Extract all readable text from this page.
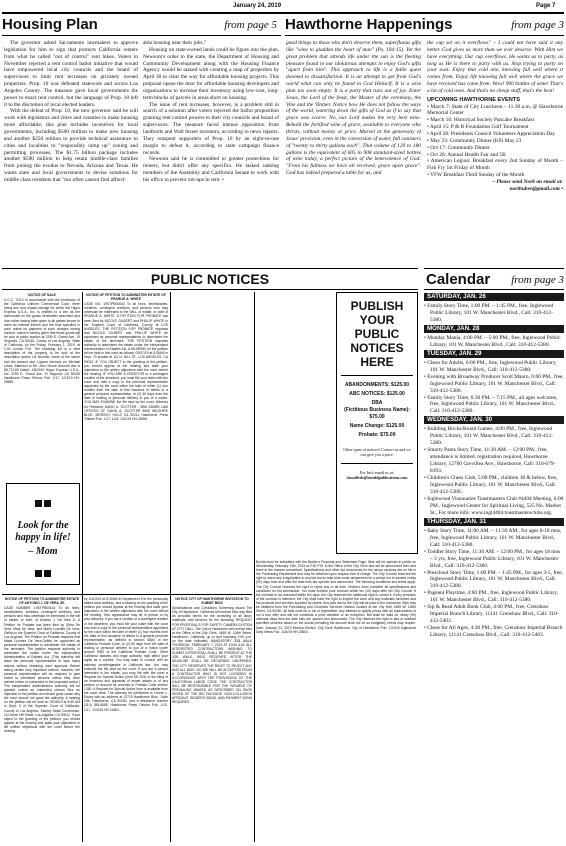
January 24, 2019	Page 7
Housing Plan	from page 5 Hawthorne Happenings	from page 3

The governor asked Sacramento lawmakers to approve legislation for him to sign that protects California renters from what he called "out of control" rent hikes. Voters in November rejected a rent control ballot initiative that would have empowered local city councils and the board of supervisors to limit rent increases on privately owned properties. Prop. 10 was defeated statewide and across Los Angeles County. The measure gave local governments the power to enact rent control, but the language of Prop. 10 left it to the discretion of local elected leaders.

With the defeat of Prop. 10, the new governor said he will work with legislators and cities and counties to make housing more affordable; this plan includes incentives for local governments, including $500 million to make new housing and another $250 million to provide technical assistance to cities and localities to "responsibly ramp up" zoning and permitting processes. The $1.75 billion package includes another $500 million to help retain middle-class families from joining the exodus to Nevada, Arizona and Texas. He wants state and local governments to devise solutions for middle class residents that "too often cannot find afford-

able housing near their jobs."

Housing on state-owned lands could be figure into the plan. Newsom's order to the state, the Department of Housing and Community Development along with the Housing Finance Agency would be tasked with creating a map of properties by April 30 to clear the way for affordable housing projects. This proposal opens the door for affordable housing developers and organizations to increase their inventory using low-cost, long-term blocks of parcels in areas short on housing.

The issue of rent increases, however, is a problem still in search of a solution after voters rejected the ballot proposition granting rent control powers to their city councils and board of supervisors. The measure faced intense opposition from landlords and Wall Street investors, according to news reports. They outspent supporters of Prop. 10 by an eight-to-one margin to defeat it, according to state campaign finance records.

Newsom said he is committed to greater protections for renters, but didn't offer any specifics. He tasked ranking members of the Assembly and California Senate to work with his office to prevent run-ups in rent. •

good things to those who don't deserve them, superfluous gifts like "wine to gladden the heart of man" (Ps. 104:15). Yet the great problem that attends life under the sun is the fleeting pleasure found in our idolatrous attempts to enjoy God's gifts "apart from him". This approach to life is a futile quest doomed to dissatisfaction. It is an attempt to get from God's world what can only be found in God Himself. It is a wise plan too soon empty. It is a party that runs out of joy. Enter Jesus, the Lord of the feast, the Master of the ceremony, the Vine and the Vintner. Notice how He does not follow the ways of the world, watering down the gifts of God as if to say that grace was scarce. No, our Lord makes the very best wine. Behold the fortified wine of grace, available to everyone who thirsts, without money or price. Marvel at the generosity of Jesus' provision, even in the conversion of water, full canisters of "twenty to thirty gallons each". That volume of 120 to 180 gallons is the equivalent of 605 to 908 standard-sized bottles of wine today, a perfect picture of the benevolence of God: "From his fullness we have all received, grace upon grace". God has indeed prepared a table for us, and

the cup set on it overflows" – I could not have said it any better. God gives us more than we ever deserve. With Him we have everything. Our cup overflows. He wants us to party, as long as He is there to party with us. Stop trying to party on your own. Enjoy that cold one, knowing full well where it comes from. Enjoy life knowing full well where the grace we have received has come from. Wow! 900 bottles of wine! That's a lot of cold ones. And that's no cheap stuff, that's the best!

UPCOMING HAWTHORNE EVENTS

• March 7: State of City Luncheon – 11:30 a.m. @ Hawthorne Memorial Center

• March 16: Historical Society Pancake Breakfast

• April 15: P & R Foundation Golf Tournament

• April 28: Presidents Council Volunteers Appreciation Day

• May 23: Community Dinner (K9) May 23

• Oct 17: Community Dinner

• Oct 26: Annual Health Fair and 5K

• American Legion: Breakfast every 2nd Sunday of Month – Fish Fry 1st Friday of Month

• VFW Breakfast Third Sunday of the Month

– Please send Norb an email at:

northuber@gmail.com •

PUBLIC NOTICES	Calendar from page 3

NOTICE OF SALE

U.C.C. 7/210 In accordance with the provisions of the California Uniform Commercial Code, there being due and unpaid storage for which the Hippo Express U.S.A., Inc. is entitled to a lien as the warehouse on the goods hereinafter described and due notice having been given to all parties known to claim an interest therein and the time specified in such notice for payment of such charges having expired, notice is hereby given that these goods will be sold at public auction at 2250 E. Grand Ave., El Segundo, CA 90245, County of Los Angeles, State of California, on the Friday, February 1, 2019, at 1:00 o'clock P.M. The following list is a brief description of the property to be sold at the description and/or Lot Number, name of the owner and the amount due: Lignum interiors c/o Michael Lewis, Attention to Mr. John Moore Amount due is $8,773.69 Dated: 1/8/2019 Hippo Express U.S.A., Inc. 2250 E. Grand Ave. El Segundo CA 90245 Hawthorne Press Tribune Pub. 1/17, 1/24/19 HH-26586

Look for the happy in life!
– Mom

NOTICE OF PETITION TO ADMINISTER ESTATE OF PEARLIE A. WHITE

CASE NO. 19STPB00064 To all heirs, beneficiaries, creditors, contingent creditors, and persons who may otherwise be interested in the WILL or estate, or both of PEARLIE A. WHITE. A PETITION FOR PROBATE has been filed by NICOLE GILBERT and PHILLIP WHITE in the Superior Court of California, County of LOS ANGELES. THE PETITION FOR PROBATE requests that NICOLE GILBERT and PHILLIP WHITE be appointed as personal representatives to administer the estate of the decedent. THE PETITION requests authority to administer the estate under the Independent Administration of Estates Act. A HEARING on the petition will be held in this court as follows: 02/07/19 at 8:30AM in Dept. 79 located at 111 N. HILL ST., LOS ANGELES, CA 90012. IF YOU OBJECT to the granting of the petition, you should appear at the hearing and state your objections or file written objections with the court before the hearing. IF YOU ARE A CREDITOR or a contingent creditor of the decedent, you must file your claim with the court and mail a copy to the personal representative appointed by the court within the later of either (1) four months from the date of first issuance of letters to a general personal representative, or (2) 60 days from the date of mailing or personal delivery to you of a notice. YOU MAY EXAMINE the file kept by the court. Attorney for Petitioner DAVID A. SCOTTER - SBN 246859 LAW OFFICES OF DAVID A. SCOTTER 8549 WILSHIRE BLVD. BEVERLY HILLS CA 90211 Hawthorne Press Tribune Pub. 1/17, 1/24, 1/31/19 HH-26594

PUBLISH
YOUR
PUBLIC
NOTICES
HERE
ABANDONMENTS: $125.00
ABC NOTICES: $125.00
DBA
(Fictitious Business Name): $75.00
Name Change: $125.00
Probate: $75.00
Other types of notices? Contact us and we can give you a price.
For Info email us at:
classifieds@heraldpublications.com

NOTICE OF PETITION TO ADMINISTER ESTATE OF ANTONIO J. DE VERA JR.

CASE NUMBER 19STPB00144 To all heirs, beneficiaries, creditors, contingent creditors, and persons who may otherwise be interested in the will or estate, or both, of Antonio J. De Vera Jr. A Petition for Probate has been filed by Silvia De Vera, Mark De Vera, and Marla Lourdes De Vera-Gelido in the Superior Court of California, County of Los Angeles. The Petition for Probate requests that Marla Lourdes De Vera-Gelido be appointed as personal representative to administer the estate of the decedent. The petition requests authority to administer the estate under the Independent Administration of Estates Act. (This authority will allow the personal representative to take many actions without obtaining court approval. Before taking certain very important actions, however, the personal representative will be required to give notice to interested persons unless they have waived notice or consented to the proposed action.) The independent administration authority will be granted unless an interested person files an objection to the petition and shows good cause why the court should not grant the authority. A hearing on the petition will be held on 02/08/19 at 8:30 AM in Dept. 5 of the Superior Court of California, County of Los Angeles, Stanley Mosk Courthouse, 111 North Hill Street, Los Angeles, CA 90012. If you object to the granting of the petition, you should appear at the hearing and state your objections or file written objections with the court before the hearing.

by 2/4/2019 at 8:30AM in Department 5 in the personally stated court address, and a hearing on the granting of the petition you should appear at the hearing and state your objections or file written objections with the court before the hearing. Your appearance may be in person or by your attorney. If you are a creditor or a contingent creditor of the decedent, you must file your claim with the court and mail a copy to the personal representative appointed by the court within the later of either (1) four months from the date of first issuance of letters to a general personal representative, as defined in section 58(b) of the California Probate Code, or (2) 60 days from the date of mailing or personal delivery to you of a notice under section 9052 of the California Probate Code. Other California statutes and legal authority may affect your rights as a creditor. You may want to consult with an attorney knowledgeable in California law. You may examine the file kept by the court. If you are a person interested in the estate, you may file with the court a Request for Special Notice (form DE-154) of the filing of an inventory and appraisal of estate assets or of any petition or account as provided in Probate Code section 1250. A Request for Special Notice form is available from the court clerk. The attorney for petitioners is Lennie L. Eddey with an address at 12719 Hawthorne Blvd., Suite 205, Hawthorne, CA 90250, and a telephone number (310) 355-8588. Hawthorne Press Tribune Pub. 1/10, 1/17, 1/24/19 HH-26561

NOTICE CITY OF HAWTHORNE INVITATION TO SUBMIT BIDS

Specifications and Conditions Governing Award The City of Hawthorne, California will receive bids duly filed as provided herein for the furnishing of all labor, materials, and services for the following: REQUEST FOR PROPOSALS FOR SAFETY CAMERA SYSTEM AT CITY HALL. The City of Hawthorne will receive bids at the Office of the City Clerk, 4455 W. 126th Street, Hawthorne, California, up to and including 2:00 p.m. on the date indicated. MANDATORY JOB WALK THURSDAY, FEBRUARY 7, 2019 AT 10:00 A.M. ALL INTERESTED CONTRACTORS WISHING TO SUBMIT A PROPOSAL SHALL BE PRESENT AT THE JOB WALK. BIDS RECEIVED AFTER THE DEADLINE SHALL BE RETURNED UNOPENED. THE CITY RESERVES THE RIGHT TO REJECT ANY AND ALL BIDS. NO BID WILL BE ACCEPTED FROM A CONTRACTOR WHO IS NOT LICENSED IN ACCORDANCE WITH THE PROVISIONS OF THE CALIFORNIA LABOR CODE. THE CONTRACTOR WILL BE RESPONSIBLE FOR THE PAYMENT OF PREVAILING WAGES AS DESCRIBED ON PAGE SEVEN OF THE BID PACKAGE. NON-COLLUSION AFFIDAVIT, BIDDER'S BOND, AND PAYMENT BOND REQUIRED.

Bonds must be submitted with the Bidder's Proposal and Statement Page. Bids will be opened in public on Wednesday, February 13th, 2019 at 2:00 P.M. in the Office of the City Clerk and will be announced then and there in the manner prescribed. Specifications and other bid documents for the above services are on file in the Purchasing Department and may be obtained upon request free of charge. The City Council reserves the right to waive any irregularities in any bid and to take bids under advisement for a period not to exceed ninety (90) days from and after the date bids are opened and announced. The following conditions and terms apply: The City Council reserves the right to reject any or all bids. Vendors must complete all specifications and conditions for bid submission. You must execute your contract within ten (10) days after the City Council. If the contract is not executed within ten days, the City reserves the additional right to cancel it. Every provision of the contract is intended, the City shall have the right to inspect the work and any materials furnished and the products and services supplied by others. Any acts and to the City will be paid to the contractor. Bids may be obtained from the Purchasing and Contracts Services Division located at the City Hall, 4455 W. 126th Street, CA 90250. All bids must be in ink or typewritten. Any attempt to qualify prices with an equivocation is not a true offer and will not constitute a price variation or an exception. Bid shall be valid for ninety (90) calendar days from the date bids are opened and announced. The City reserves the right to add or subtract specified services based on the actual prevailing bid amount shall not be as budgetary needs may require. Date: January 24, 2019 Monica Dicrisci, City Clerk Hawthorne, City of Hawthorne Pub. 1/24/19 Inglewood Daily News Pub. 1/24/19 HH-26604

SATURDAY, JAN. 26

• Family Story Time, 1:00 PM. – 1:45 PM., free, Inglewood Public Library, 101 W. Manchester Blvd., Call: 310-412-5380.

MONDAY, JAN. 28

• Monday Mania, 4:00 PM. – 5:00 PM., free, Inglewood Public Library, 101 W. Manchester Blvd., Call: 310-412-5380.

TUESDAY, JAN. 29

• Chess for Adults, 6:00 PM., free, Inglewood Public Library, 101 W. Manchester Blvd., Call: 310-412-5380.

• Evening with Broadway Producer Scott Mauro, 6:00 PM., free, Inglewood Public Library, 101 W. Manchester Blvd., Call: 310-412-5380.

• Family Story Time, 6:30 PM. – 7:15 PM., all ages welcome, free, Inglewood Public Library, 101 W. Manchester Blvd., Call: 310-412-5380.

WEDNESDAY, JAN. 30

• Building Bricks/Board Games, 4:00 PM., free, Inglewood Public Library, 101 W. Manchester Blvd., Call: 310-412-5380.

• Smarty Pants Story Time, 11:30 AM. – 12:00 PM., free, attendance is limited, registration required, Hawthorne Library, 12700 Grevillea Ave., Hawthorne, Call: 310-679-8193.

• Children's Chess Club, 5:00 PM., children 18 & below, free, Inglewood Public Library, 101 W. Manchester Blvd., Call: 310-412-5380.

• Inglewood Visionaries Toastmasters Club #4404 Meeting, 6:00 PM., Inglewood Center for Spiritual Living, 525 No. Market St., For more info: www.ingl4404.toastmastersclubs.org.

THURSDAY, JAN. 31

• Baby Story Time, 11:00 AM. – 11:30 AM., for ages 0-18 mos, free, Inglewood Public Library, 101 W. Manchester Blvd., Call: 310-412-5380.

• Toddler Story Time, 11:30 AM. – 12:00 PM., for ages 18 mos – 3 yrs, free, Inglewood Public Library, 101 W. Manchester Blvd., Call: 310-412-5380.

• Preschool Story Time, 1:00 PM. – 1:45 PM., for ages 3-5, free, Inglewood Public Library, 101 W. Manchester Blvd., Call: 310-412-5380.

• Pageant Playtime, 4:00 PM., free, Inglewood Public Library, 101 W. Manchester Blvd., Call: 310-412-5380.

• Sip & Read Adult Book Club, 4:00 PM., free, Crenshaw Imperial Branch Library, 11141 Crenshaw Blvd., Call: 310-412-5403.

• Chess for All Ages, 4:30 PM., free, Crenshaw Imperial Branch Library, 11141 Crenshaw Blvd., Call: 310-412-5403.
